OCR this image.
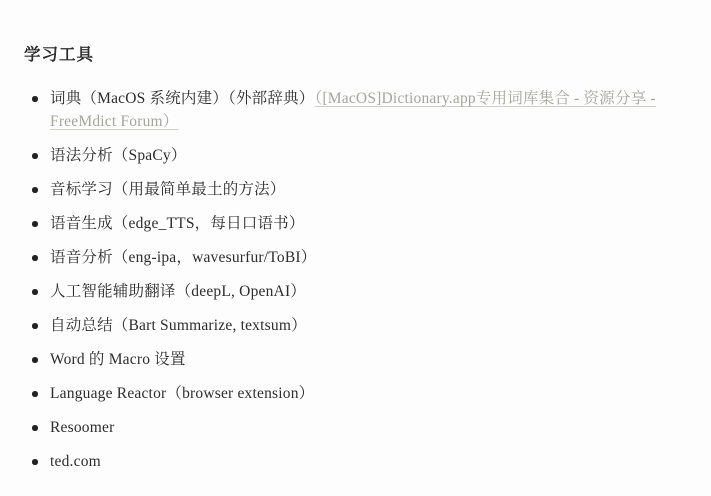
学习工具
词典（MacOS 系统内建）（外部辞典）（[MacOS]Dictionary.app专用词库集合 - 资源分享 - FreeMdict Forum）
语法分析（SpaCy）
音标学习（用最简单最土的方法）
语音生成（edge_TTS，每日口语书）
语音分析（eng-ipa，wavesurfur/ToBI）
人工智能辅助翻译（deepL, OpenAI）
自动总结（Bart Summarize, textsum）
Word 的 Macro 设置
Language Reactor（browser extension）
Resoomer
ted.com
